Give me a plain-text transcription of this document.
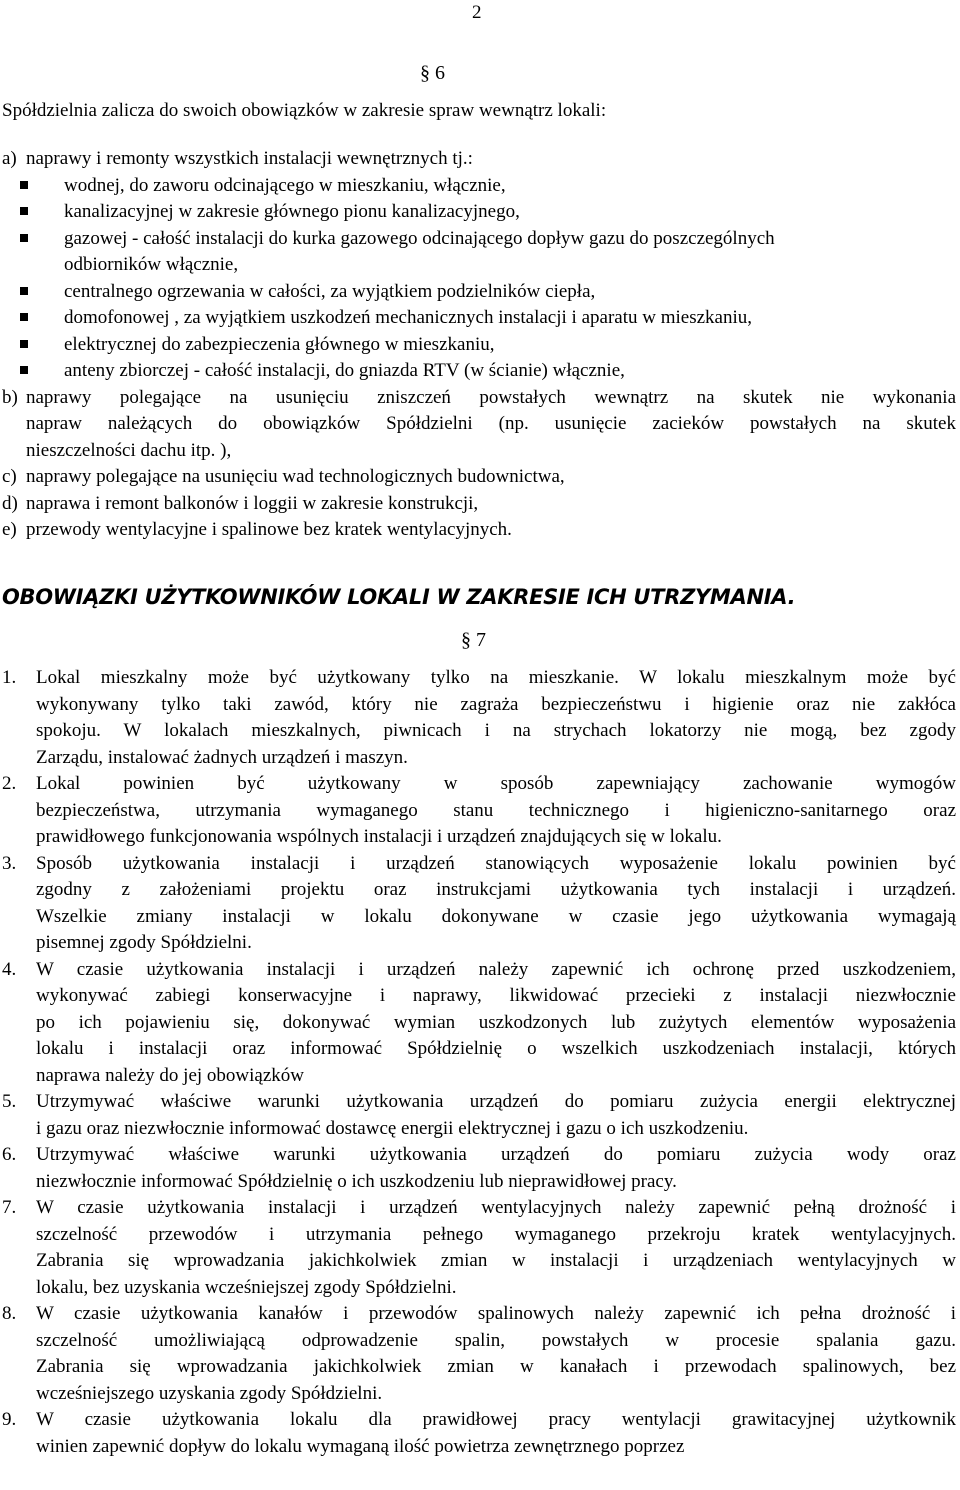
2
§ 6
Spółdzielnia zalicza do swoich obowiązków w zakresie spraw wewnątrz lokali:
a) naprawy i remonty wszystkich instalacji wewnętrznych tj.:
wodnej, do zaworu odcinającego w mieszkaniu, włącznie,
kanalizacyjnej w zakresie głównego pionu kanalizacyjnego,
gazowej - całość instalacji do kurka gazowego odcinającego dopływ gazu do poszczególnych
odbiorników włącznie,
centralnego ogrzewania w całości, za wyjątkiem podzielników ciepła,
domofonowej , za wyjątkiem uszkodzeń mechanicznych instalacji i aparatu w mieszkaniu,
elektrycznej do zabezpieczenia głównego w mieszkaniu,
anteny zbiorczej - całość instalacji, do gniazda RTV (w ścianie) włącznie,
b) naprawy polegające na usunięciu zniszczeń powstałych wewnątrz na skutek nie wykonania
napraw należących do obowiązków Spółdzielni (np. usunięcie zacieków powstałych na skutek
nieszczelności dachu itp. ),
c) naprawy polegające na usunięciu wad technologicznych budownictwa,
d) naprawa i remont balkonów i loggii w zakresie konstrukcji,
e) przewody wentylacyjne i spalinowe bez kratek wentylacyjnych.
OBOWIĄZKI UŻYTKOWNIKÓW LOKALI W ZAKRESIE ICH UTRZYMANIA.
§ 7
1. Lokal mieszkalny może być użytkowany tylko na mieszkanie. W lokalu mieszkalnym może być
wykonywany tylko taki zawód, który nie zagraża bezpieczeństwu i higienie oraz nie zakłóca
spokoju. W lokalach mieszkalnych, piwnicach i na strychach lokatorzy nie mogą, bez zgody
Zarządu, instalować żadnych urządzeń i maszyn.
2. Lokal powinien być użytkowany w sposób zapewniający zachowanie wymogów
bezpieczeństwa, utrzymania wymaganego stanu technicznego i higieniczno-sanitarnego oraz
prawidłowego funkcjonowania wspólnych instalacji i urządzeń znajdujących się w lokalu.
3. Sposób użytkowania instalacji i urządzeń stanowiących wyposażenie lokalu powinien być
zgodny z założeniami projektu oraz instrukcjami użytkowania tych instalacji i urządzeń.
Wszelkie zmiany instalacji w lokalu dokonywane w czasie jego użytkowania wymagają
pisemnej zgody Spółdzielni.
4. W czasie użytkowania instalacji i urządzeń należy zapewnić ich ochronę przed uszkodzeniem,
wykonywać zabiegi konserwacyjne i naprawy, likwidować przecieki z instalacji niezwłocznie
po ich pojawieniu się, dokonywać wymian uszkodzonych lub zużytych elementów wyposażenia
lokalu i instalacji oraz informować Spółdzielnię o wszelkich uszkodzeniach instalacji, których
naprawa należy do jej obowiązków
5. Utrzymywać właściwe warunki użytkowania urządzeń do pomiaru zużycia energii elektrycznej
i gazu oraz niezwłocznie informować dostawcę energii elektrycznej i gazu o ich uszkodzeniu.
6. Utrzymywać właściwe warunki użytkowania urządzeń do pomiaru zużycia wody oraz
niezwłocznie informować Spółdzielnię o ich uszkodzeniu lub nieprawidłowej pracy.
7. W czasie użytkowania instalacji i urządzeń wentylacyjnych należy zapewnić pełną drożność i
szczelność przewodów i utrzymania pełnego wymaganego przekroju kratek wentylacyjnych.
Zabrania się wprowadzania jakichkolwiek zmian w instalacji i urządzeniach wentylacyjnych w
lokalu, bez uzyskania wcześniejszej zgody Spółdzielni.
8. W czasie użytkowania kanałów i przewodów spalinowych należy zapewnić ich pełna drożność i
szczelność umożliwiającą odprowadzenie spalin, powstałych w procesie spalania gazu.
Zabrania się wprowadzania jakichkolwiek zmian w kanałach i przewodach spalinowych, bez
wcześniejszego uzyskania zgody Spółdzielni.
9. W czasie użytkowania lokalu dla prawidłowej pracy wentylacji grawitacyjnej użytkownik
winien zapewnić dopływ do lokalu wymaganą ilość powietrza zewnętrznego poprzez
